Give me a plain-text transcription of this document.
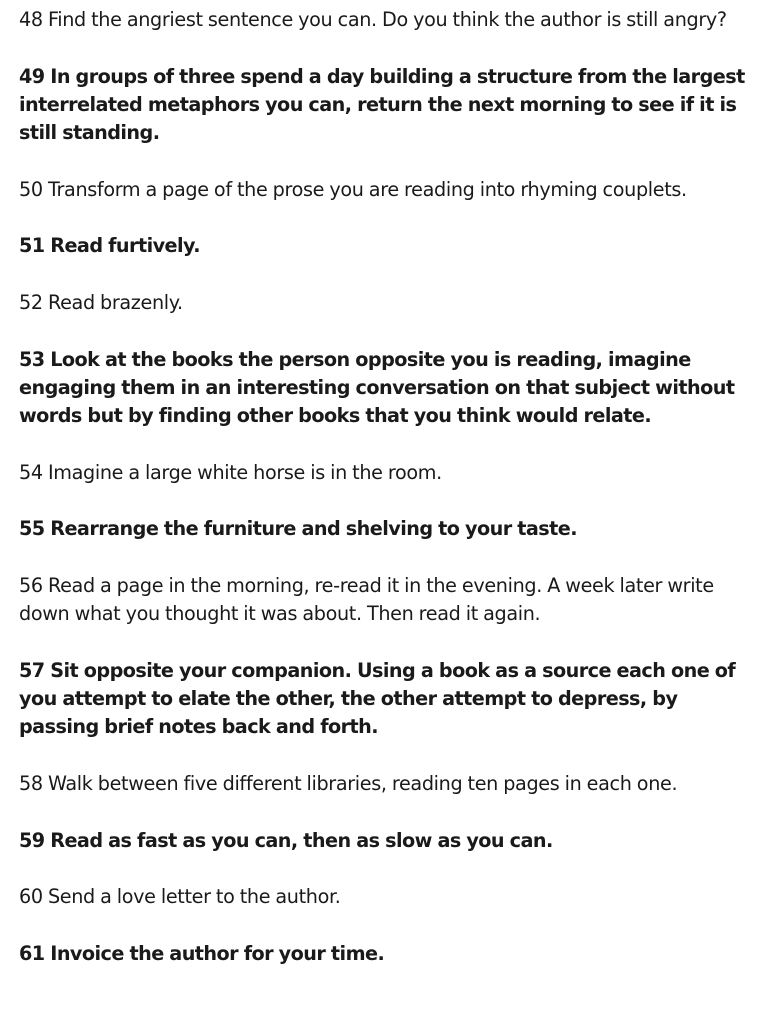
48 Find the angriest sentence you can. Do you think the author is still angry?

49 In groups of three spend a day building a structure from the largest interrelated metaphors you can, return the next morning to see if it is still standing.

50 Transform a page of the prose you are reading into rhyming couplets.

51 Read furtively.

52 Read brazenly.

53 Look at the books the person opposite you is reading, imagine engaging them in an interesting conversation on that subject without words but by finding other books that you think would relate.

54 Imagine a large white horse is in the room.

55 Rearrange the furniture and shelving to your taste.

56 Read a page in the morning, re-read it in the evening. A week later write down what you thought it was about. Then read it again.

57 Sit opposite your companion. Using a book as a source each one of you attempt to elate the other, the other attempt to depress, by passing brief notes back and forth.

58 Walk between five different libraries, reading ten pages in each one.

59 Read as fast as you can, then as slow as you can.

60 Send a love letter to the author.

61 Invoice the author for your time.
